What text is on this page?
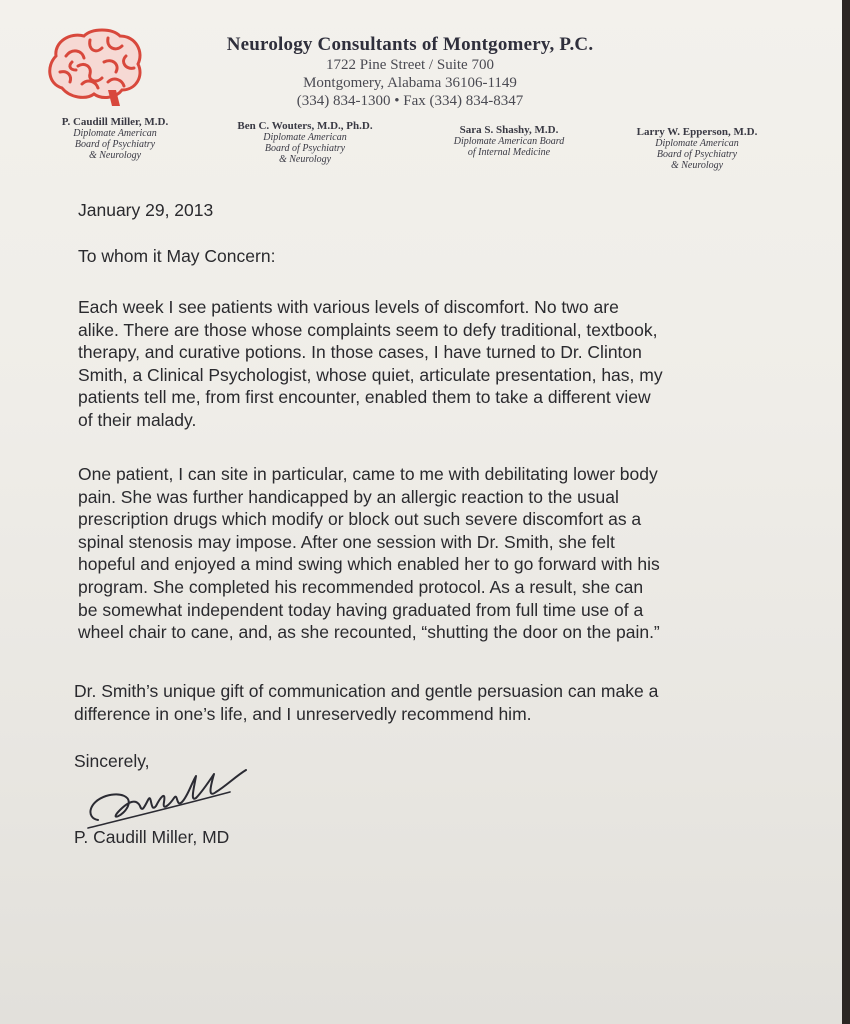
Neurology Consultants of Montgomery, P.C.
1722 Pine Street / Suite 700
Montgomery, Alabama 36106-1149
(334) 834-1300 • Fax (334) 834-8347
P. Caudill Miller, M.D.
Diplomate American
Board of Psychiatry
& Neurology
Ben C. Wouters, M.D., Ph.D.
Diplomate American
Board of Psychiatry
& Neurology
Sara S. Shashy, M.D.
Diplomate American Board
of Internal Medicine
Larry W. Epperson, M.D.
Diplomate American
Board of Psychiatry
& Neurology
January 29, 2013
To whom it May Concern:
Each week I see patients with various levels of discomfort. No two are
alike. There are those whose complaints seem to defy traditional, textbook,
therapy, and curative potions. In those cases, I have turned to Dr. Clinton
Smith, a Clinical Psychologist, whose quiet, articulate presentation, has, my
patients tell me, from first encounter, enabled them to take a different view
of their malady.
One patient, I can site in particular, came to me with debilitating lower body
pain. She was further handicapped by an allergic reaction to the usual
prescription drugs which modify or block out such severe discomfort as a
spinal stenosis may impose. After one session with Dr. Smith, she felt
hopeful and enjoyed a mind swing which enabled her to go forward with his
program. She completed his recommended protocol. As a result, she can
be somewhat independent today having graduated from full time use of a
wheel chair to cane, and, as she recounted, “shutting the door on the pain.”
Dr. Smith’s unique gift of communication and gentle persuasion can make a
difference in one’s life, and I unreservedly recommend him.
Sincerely,
P. Caudill Miller, MD
